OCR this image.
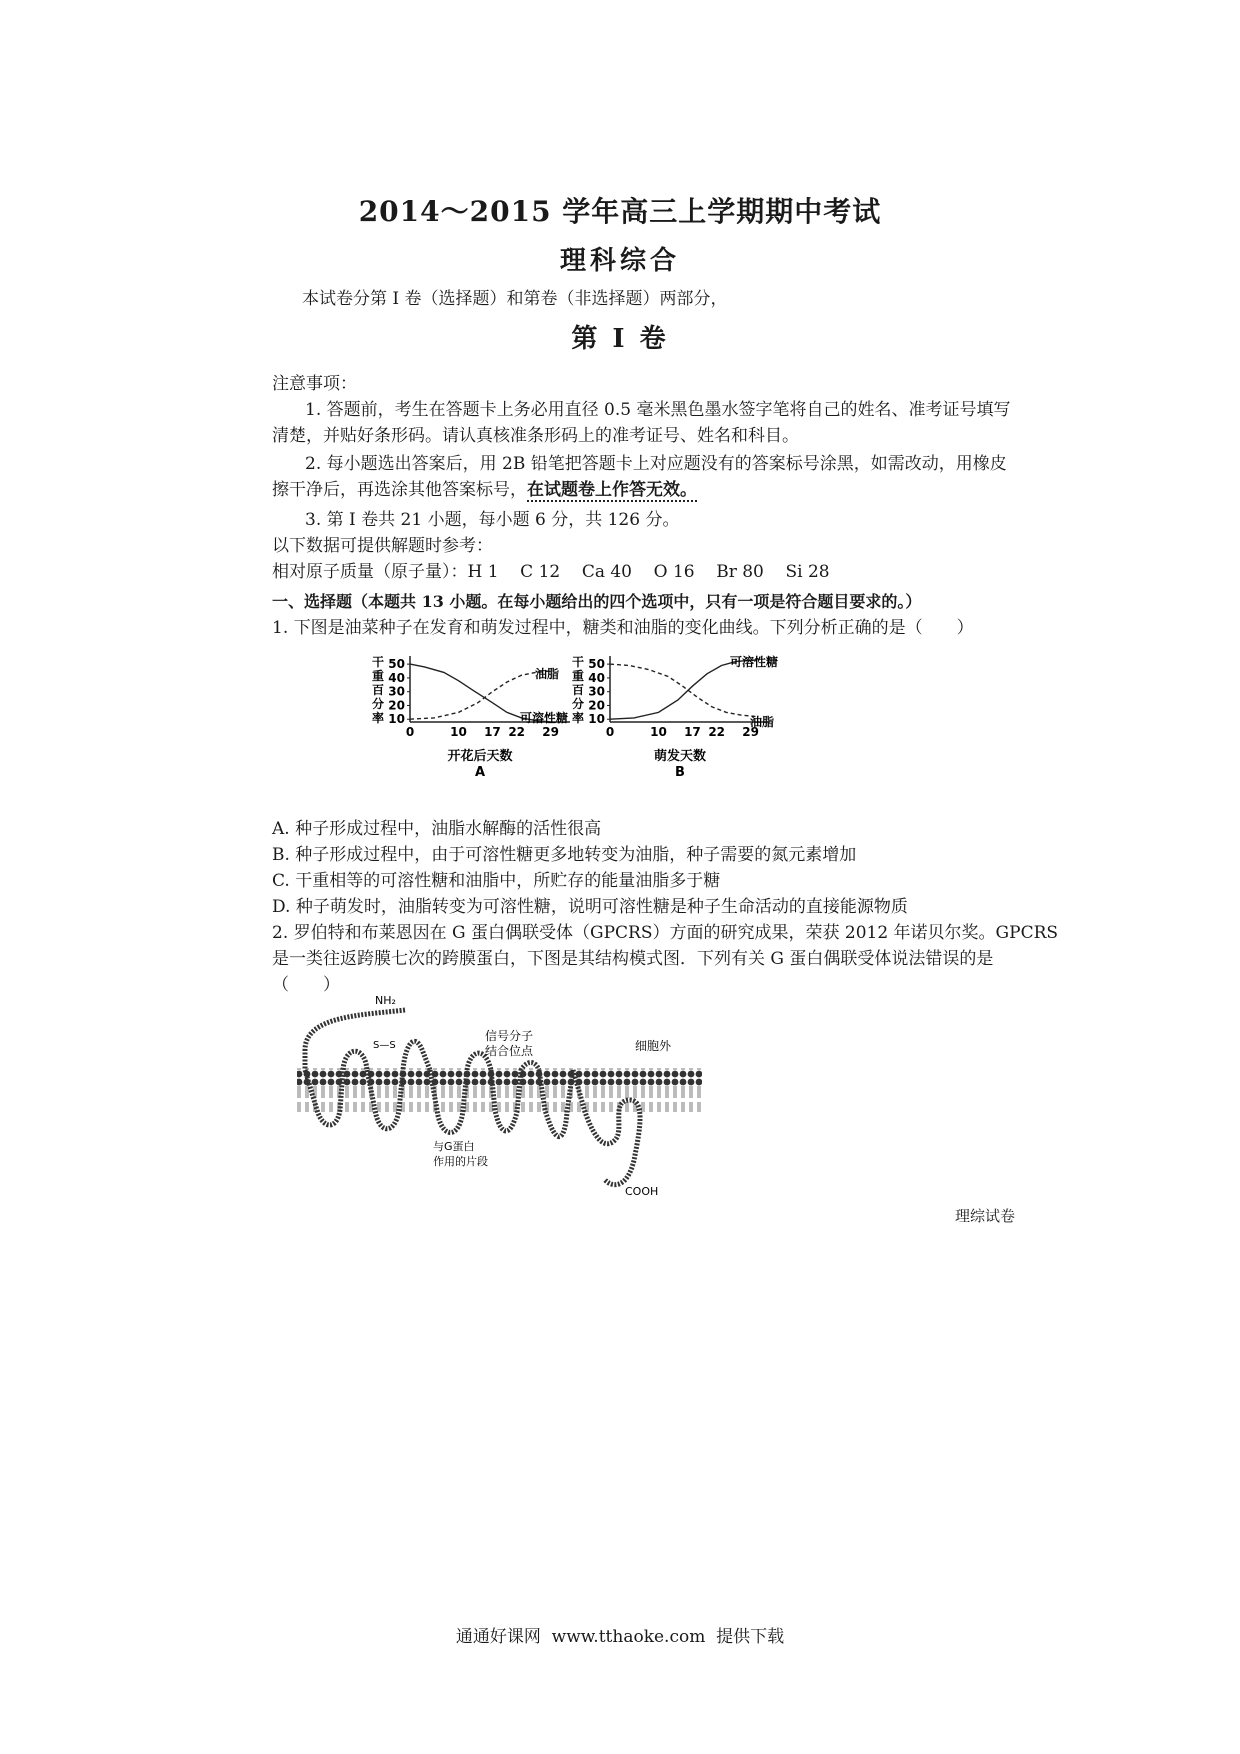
2014～2015 学年高三上学期期中考试
理科综合
本试卷分第 I 卷（选择题）和第卷（非选择题）两部分，
第 I 卷
注意事项：
1. 答题前，考生在答题卡上务必用直径 0.5 毫米黑色墨水签字笔将自己的姓名、准考证号填写
清楚，并贴好条形码。请认真核准条形码上的准考证号、姓名和科目。
2. 每小题选出答案后，用 2B 铅笔把答题卡上对应题没有的答案标号涂黑，如需改动，用橡皮
擦干净后，再选涂其他答案标号，在试题卷上作答无效。
3. 第 I 卷共 21 小题，每小题 6 分，共 126 分。
以下数据可提供解题时参考：
相对原子质量（原子量）：H 1    C 12    Ca 40    O 16    Br 80    Si 28
一、选择题（本题共 13 小题。在每小题给出的四个选项中，只有一项是符合题目要求的。）
1. 下图是油菜种子在发育和萌发过程中，糖类和油脂的变化曲线。下列分析正确的是（　　）
10
20
30
40
50
干
重
百
分
率
0	10 17 22 29
开花后天数
A
油脂
可溶性糖 10
20
30
40
50
干
重
百
分
率
0	10 17 22 29
萌发天数
B
可溶性糖
油脂
A. 种子形成过程中，油脂水解酶的活性很高
B. 种子形成过程中，由于可溶性糖更多地转变为油脂，种子需要的氮元素增加
C. 干重相等的可溶性糖和油脂中，所贮存的能量油脂多于糖
D. 种子萌发时，油脂转变为可溶性糖，说明可溶性糖是种子生命活动的直接能源物质
2. 罗伯特和布莱恩因在 G 蛋白偶联受体（GPCRS）方面的研究成果，荣获 2012 年诺贝尔奖。GPCRS
是一类往返跨膜七次的跨膜蛋白，下图是其结构模式图．下列有关 G 蛋白偶联受体说法错误的是
（　　）
NH₂
S—S
信号分子
结合位点	细胞外
与G蛋白
作用的片段
COOH
理综试卷
通通好课网  www.tthaoke.com  提供下载
